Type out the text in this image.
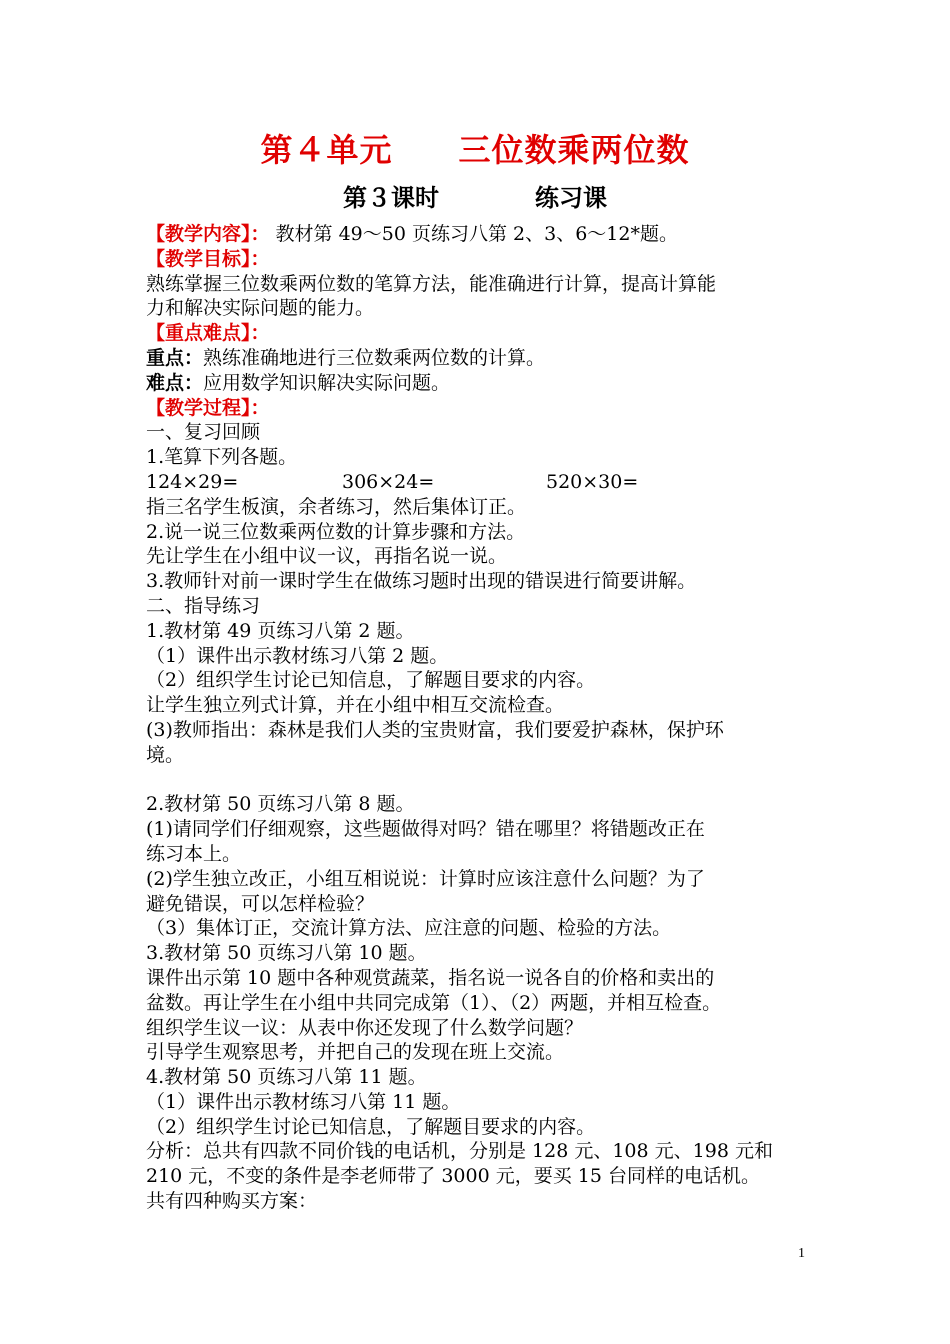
第４单元　　三位数乘两位数
第３课时　　　　练习课
【教学内容】： 教材第 49～50 页练习八第 2、3、6～12*题。
【教学目标】：
熟练掌握三位数乘两位数的笔算方法，能准确进行计算，提高计算能
力和解决实际问题的能力。
【重点难点】：
重点：熟练准确地进行三位数乘两位数的计算。
难点：应用数学知识解决实际问题。
【教学过程】：
一、复习回顾
1.笔算下列各题。
124×29=	306×24=	520×30=
指三名学生板演，余者练习，然后集体订正。
2.说一说三位数乘两位数的计算步骤和方法。
先让学生在小组中议一议，再指名说一说。
3.教师针对前一课时学生在做练习题时出现的错误进行简要讲解。
二、指导练习
1.教材第 49 页练习八第 2 题。
（1）课件出示教材练习八第 2 题。
（2）组织学生讨论已知信息，了解题目要求的内容。
让学生独立列式计算，并在小组中相互交流检查。
(3)教师指出：森林是我们人类的宝贵财富，我们要爱护森林，保护环
境。
2.教材第 50 页练习八第 8 题。
(1)请同学们仔细观察，这些题做得对吗？错在哪里？将错题改正在
练习本上。
(2)学生独立改正，小组互相说说：计算时应该注意什么问题？为了
避免错误，可以怎样检验？
（3）集体订正，交流计算方法、应注意的问题、检验的方法。
3.教材第 50 页练习八第 10 题。
课件出示第 10 题中各种观赏蔬菜，指名说一说各自的价格和卖出的
盆数。再让学生在小组中共同完成第（1）、（2）两题，并相互检查。
组织学生议一议：从表中你还发现了什么数学问题？
引导学生观察思考，并把自己的发现在班上交流。
4.教材第 50 页练习八第 11 题。
（1）课件出示教材练习八第 11 题。
（2）组织学生讨论已知信息，了解题目要求的内容。
分析：总共有四款不同价钱的电话机，分别是 128 元、108 元、198 元和
210 元，不变的条件是李老师带了 3000 元，要买 15 台同样的电话机。
共有四种购买方案：
1
